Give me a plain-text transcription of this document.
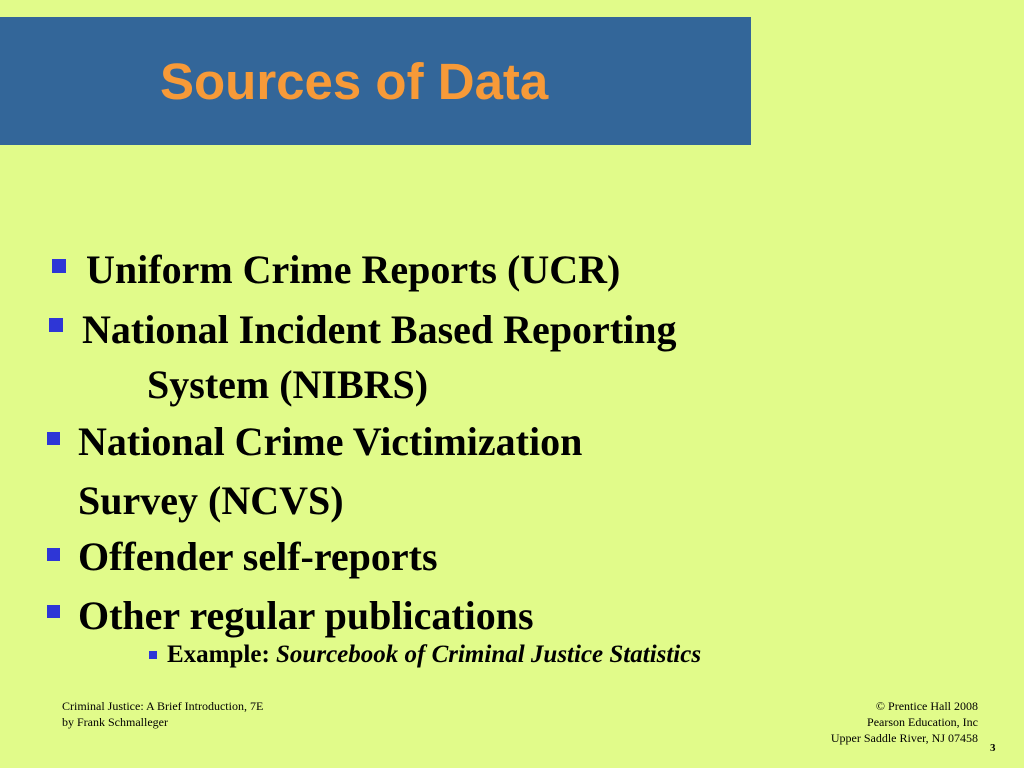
Sources of Data
Uniform Crime Reports (UCR)
National Incident Based Reporting
System (NIBRS)
National Crime Victimization
Survey (NCVS)
Offender self-reports
Other regular publications
Example: Sourcebook of Criminal Justice Statistics
Criminal Justice: A Brief Introduction, 7E
by Frank Schmalleger
© Prentice Hall 2008
Pearson Education, Inc
Upper Saddle River, NJ 07458
3
